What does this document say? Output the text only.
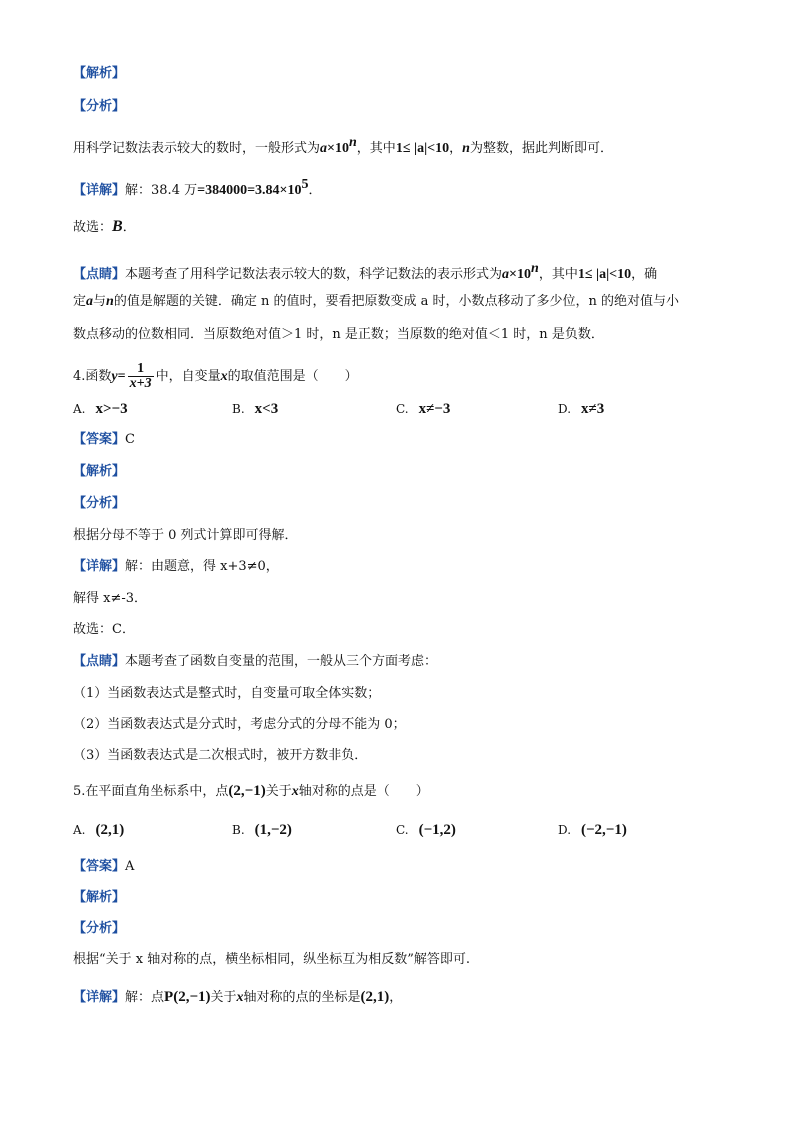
【解析】
【分析】
用科学记数法表示较大的数时，一般形式为$a\times 10^n$，其中1≤ |a|<10，n为整数，据此判断即可．
【详解】解：38.4 万$=384000=3.84\times 10^5$．
故选：B．
【点睛】本题考查了用科学记数法表示较大的数，科学记数法的表示形式为$a\times 10^n$，其中1≤ |a|<10，确
定a与n的值是解题的关键．确定 n 的值时，要看把原数变成 a 时，小数点移动了多少位，n 的绝对值与小
数点移动的位数相同．当原数绝对值＞1 时，n 是正数；当原数的绝对值＜1 时，n 是负数．
4.函数$y= \frac{1}{x+3}$ 中，自变量x的取值范围是（　　）
A. x>−3	B. x<3	C. x≠−3	D. x≠3
【答案】C
【解析】
【分析】
根据分母不等于 0 列式计算即可得解．
【详解】解：由题意，得 x+3≠0，
解得 x≠-3．
故选：C．
【点睛】本题考查了函数自变量的范围，一般从三个方面考虑：
（1）当函数表达式是整式时，自变量可取全体实数；
（2）当函数表达式是分式时，考虑分式的分母不能为 0；
（3）当函数表达式是二次根式时，被开方数非负．
5.在平面直角坐标系中，点(2,−1)关于x轴对称的点是（　　）
A. (2,1)	B. (1,−2)	C. (−1,2)	D. (−2,−1)
【答案】A
【解析】
【分析】
根据“关于 x 轴对称的点，横坐标相同，纵坐标互为相反数”解答即可.
【详解】解：点P(2,−1)关于x轴对称的点的坐标是(2,1)，
